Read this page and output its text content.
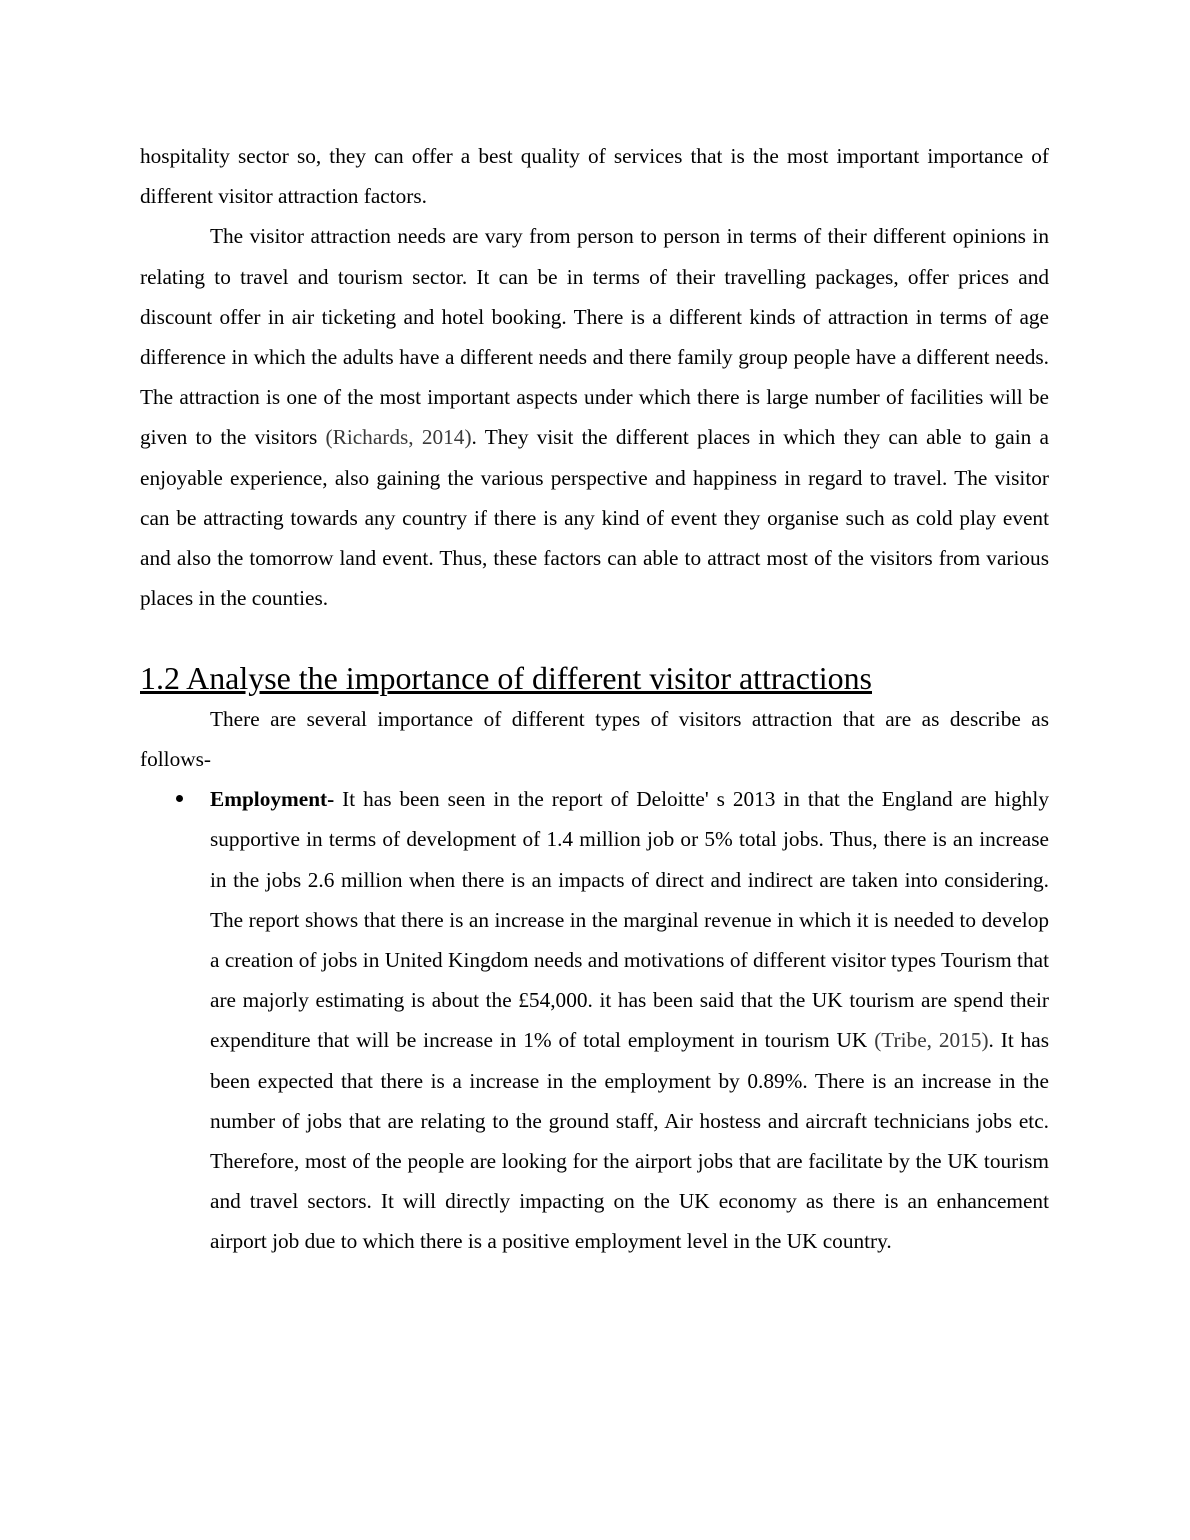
hospitality sector so, they can offer a best quality of services that is the most important importance of different visitor attraction factors.

The visitor attraction needs are vary from person to person in terms of their different opinions in relating to travel and tourism sector. It can be in terms of their travelling packages, offer prices and discount offer in air ticketing and hotel booking. There is a different kinds of attraction in terms of age difference in which the adults have a different needs and there family group people have a different needs. The attraction is one of the most important aspects under which there is large number of facilities will be given to the visitors (Richards, 2014). They visit the different places in which they can able to gain a enjoyable experience, also gaining the various perspective and happiness in regard to travel. The visitor can be attracting towards any country if there is any kind of event they organise such as cold play event and also the tomorrow land event. Thus, these factors can able to attract most of the visitors from various places in the counties.

1.2 Analyse the importance of different visitor attractions

There are several importance of different types of visitors attraction that are as describe as follows-

Employment- It has been seen in the report of Deloitte' s 2013 in that the England are highly supportive in terms of development of 1.4 million job or 5% total jobs. Thus, there is an increase in the jobs 2.6 million when there is an impacts of direct and indirect are taken into considering. The report shows that there is an increase in the marginal revenue in which it is needed to develop a creation of jobs in United Kingdom needs and motivations of different visitor types Tourism that are majorly estimating is about the £54,000. it has been said that the UK tourism are spend their expenditure that will be increase in 1% of total employment in tourism UK (Tribe, 2015). It has been expected that there is a increase in the employment by 0.89%. There is an increase in the number of jobs that are relating to the ground staff, Air hostess and aircraft technicians jobs etc. Therefore, most of the people are looking for the airport jobs that are facilitate by the UK tourism and travel sectors. It will directly impacting on the UK economy as there is an enhancement airport job due to which there is a positive employment level in the UK country.
